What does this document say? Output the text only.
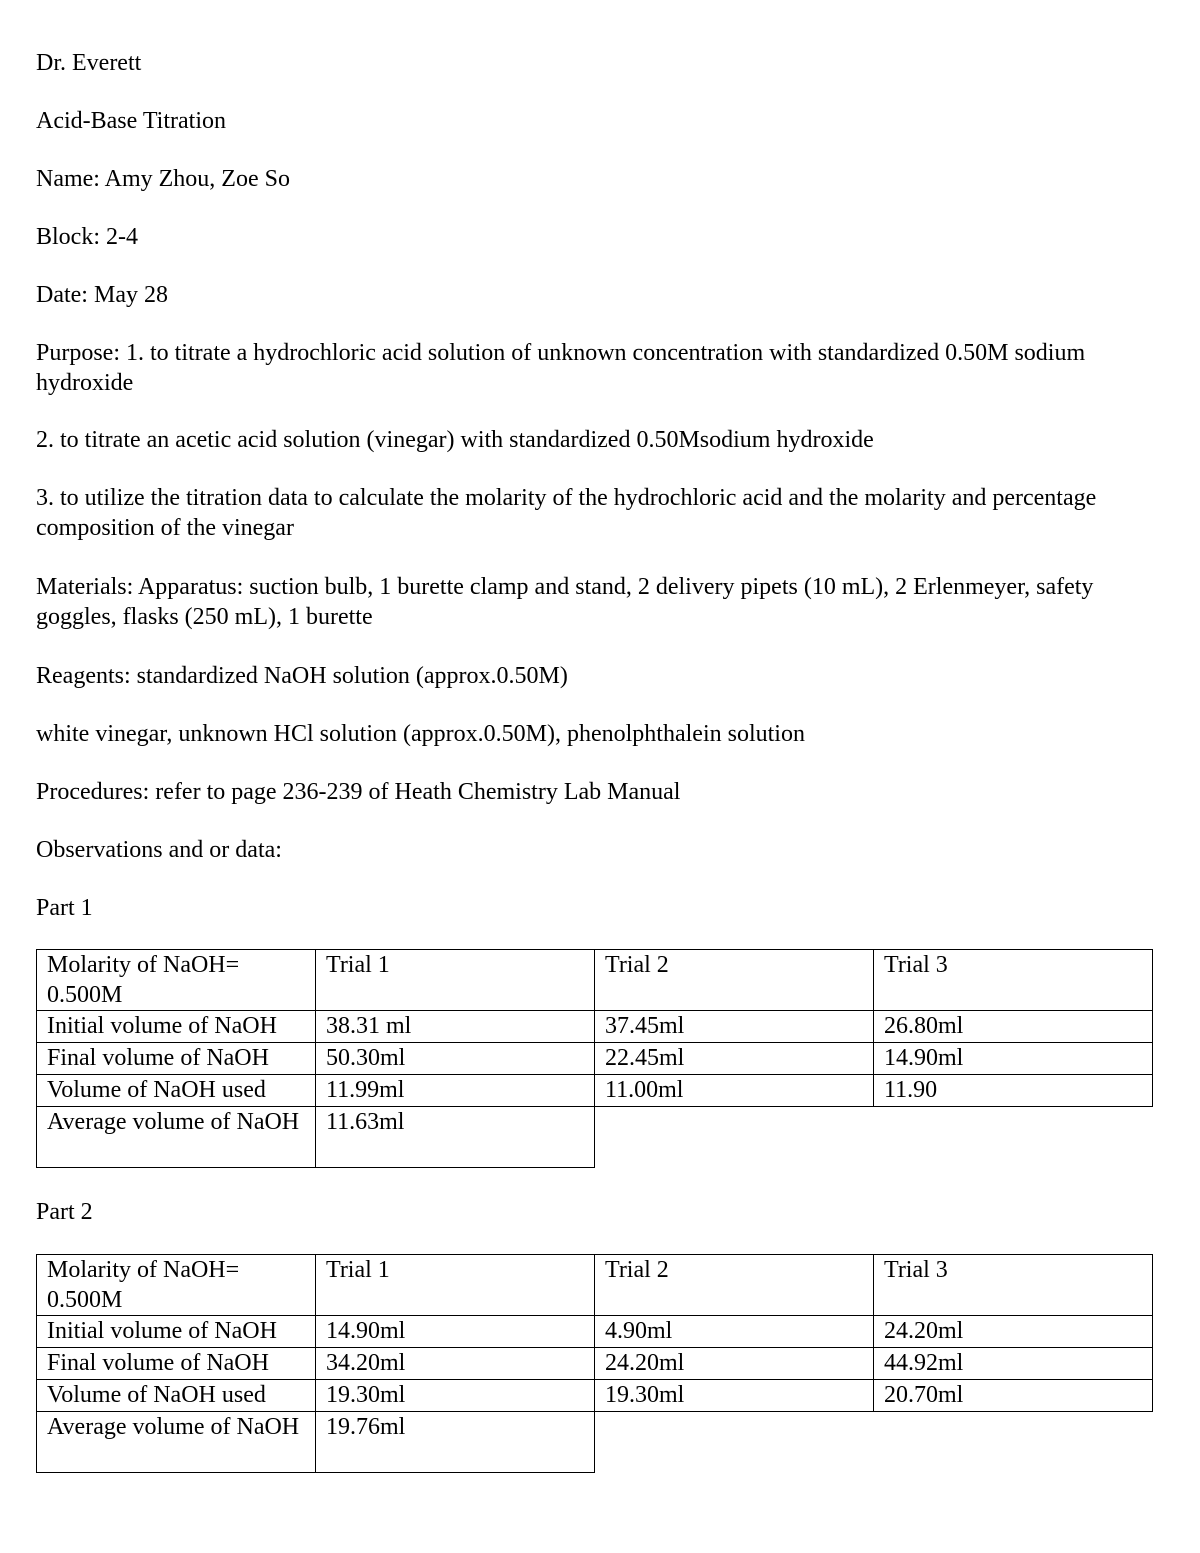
Dr. Everett

Acid-Base Titration

Name: Amy Zhou, Zoe So

Block: 2-4

Date: May 28

Purpose: 1. to titrate a hydrochloric acid solution of unknown concentration with standardized 0.50M sodium hydroxide

2. to titrate an acetic acid solution (vinegar) with standardized 0.50Msodium hydroxide

3. to utilize the titration data to calculate the molarity of the hydrochloric acid and the molarity and percentage composition of the vinegar

Materials: Apparatus: suction bulb, 1 burette clamp and stand, 2 delivery pipets (10 mL), 2 Erlenmeyer, safety goggles, flasks (250 mL), 1 burette

Reagents: standardized NaOH solution (approx.0.50M)

white vinegar, unknown HCl solution (approx.0.50M), phenolphthalein solution

Procedures: refer to page 236-239 of Heath Chemistry Lab Manual

Observations and or data:

Part 1

Molarity of NaOH= 0.500M	Trial 1	Trial 2	Trial 3
Initial volume of NaOH	38.31 ml	37.45ml	26.80ml
Final volume of NaOH	50.30ml	22.45ml	14.90ml
Volume of NaOH used	11.99ml	11.00ml	11.90
Average volume of NaOH	11.63ml		

Part 2

Molarity of NaOH= 0.500M	Trial 1	Trial 2	Trial 3
Initial volume of NaOH	14.90ml	4.90ml	24.20ml
Final volume of NaOH	34.20ml	24.20ml	44.92ml
Volume of NaOH used	19.30ml	19.30ml	20.70ml
Average volume of NaOH	19.76ml		
